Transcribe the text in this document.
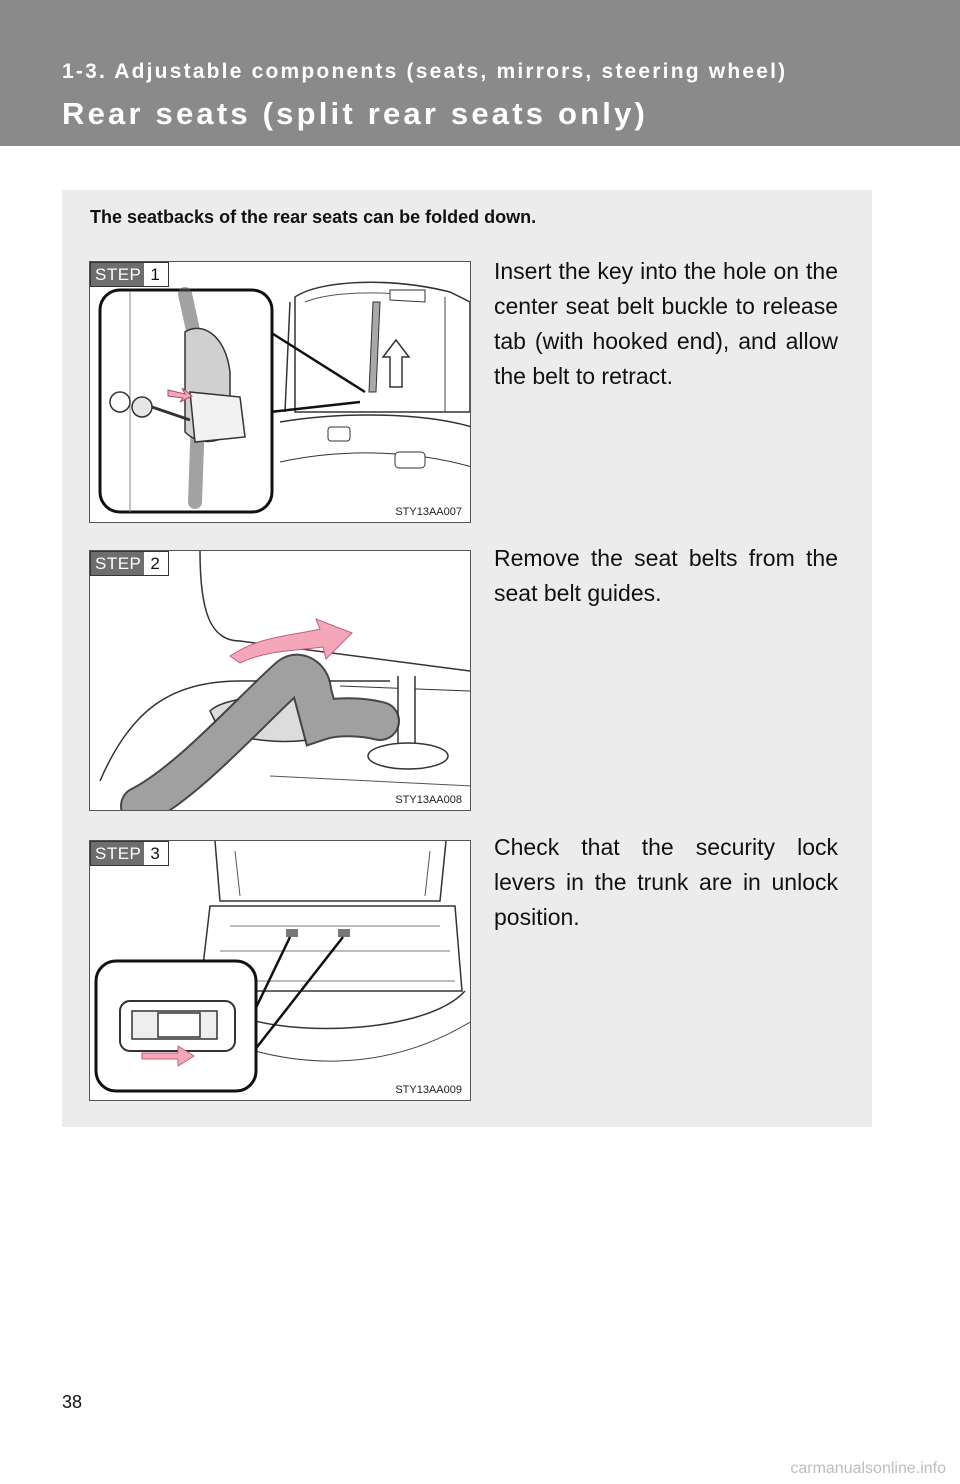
1-3. Adjustable components (seats, mirrors, steering wheel)
Rear seats (split rear seats only)
The seatbacks of the rear seats can be folded down.
STEP 1
STY13AA007
Insert the key into the hole on the center seat belt buckle to release tab (with hooked end), and allow the belt to retract.
STEP 2
STY13AA008
Remove the seat belts from the seat belt guides.
STEP 3
STY13AA009
Check that the security lock levers in the trunk are in unlock position.
38
carmanualsonline.info
